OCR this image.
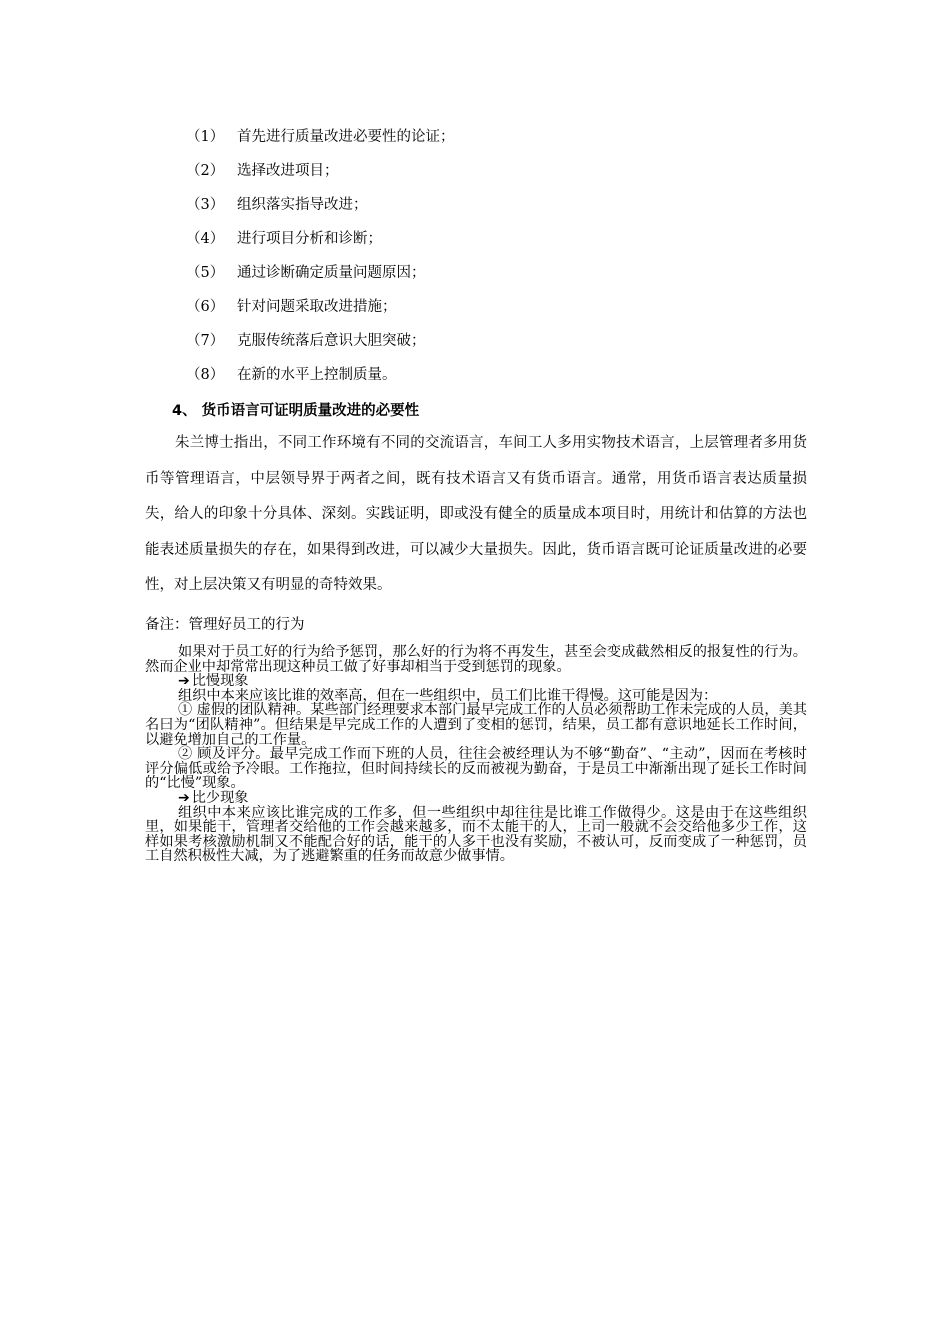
（1） 首先进行质量改进必要性的论证；
（2） 选择改进项目；
（3） 组织落实指导改进；
（4） 进行项目分析和诊断；
（5） 通过诊断确定质量问题原因；
（6） 针对问题采取改进措施；
（7） 克服传统落后意识大胆突破；
（8） 在新的水平上控制质量。
4、 货币语言可证明质量改进的必要性
朱兰博士指出，不同工作环境有不同的交流语言，车间工人多用实物技术语言，上层管理者多用货币等管理语言，中层领导界于两者之间，既有技术语言又有货币语言。通常，用货币语言表达质量损失，给人的印象十分具体、深刻。实践证明，即或没有健全的质量成本项目时，用统计和估算的方法也能表述质量损失的存在，如果得到改进，可以减少大量损失。因此，货币语言既可论证质量改进的必要性，对上层决策又有明显的奇特效果。
备注：管理好员工的行为

如果对于员工好的行为给予惩罚，那么好的行为将不再发生，甚至会变成截然相反的报复性的行为。然而企业中却常常出现这种员工做了好事却相当于受到惩罚的现象。

➔ 比慢现象

组织中本来应该比谁的效率高，但在一些组织中，员工们比谁干得慢。这可能是因为：

① 虚假的团队精神。某些部门经理要求本部门最早完成工作的人员必须帮助工作未完成的人员，美其名曰为“团队精神”。但结果是早完成工作的人遭到了变相的惩罚，结果，员工都有意识地延长工作时间，以避免增加自己的工作量。

② 顾及评分。最早完成工作而下班的人员，往往会被经理认为不够“勤奋”、“主动”，因而在考核时评分偏低或给予冷眼。工作拖拉，但时间持续长的反而被视为勤奋，于是员工中渐渐出现了延长工作时间的“比慢”现象。

➔ 比少现象

组织中本来应该比谁完成的工作多，但一些组织中却往往是比谁工作做得少。这是由于在这些组织里，如果能干，管理者交给他的工作会越来越多，而不太能干的人，上司一般就不会交给他多少工作，这样如果考核激励机制又不能配合好的话，能干的人多干也没有奖励，不被认可，反而变成了一种惩罚，员工自然积极性大减，为了逃避繁重的任务而故意少做事情。
